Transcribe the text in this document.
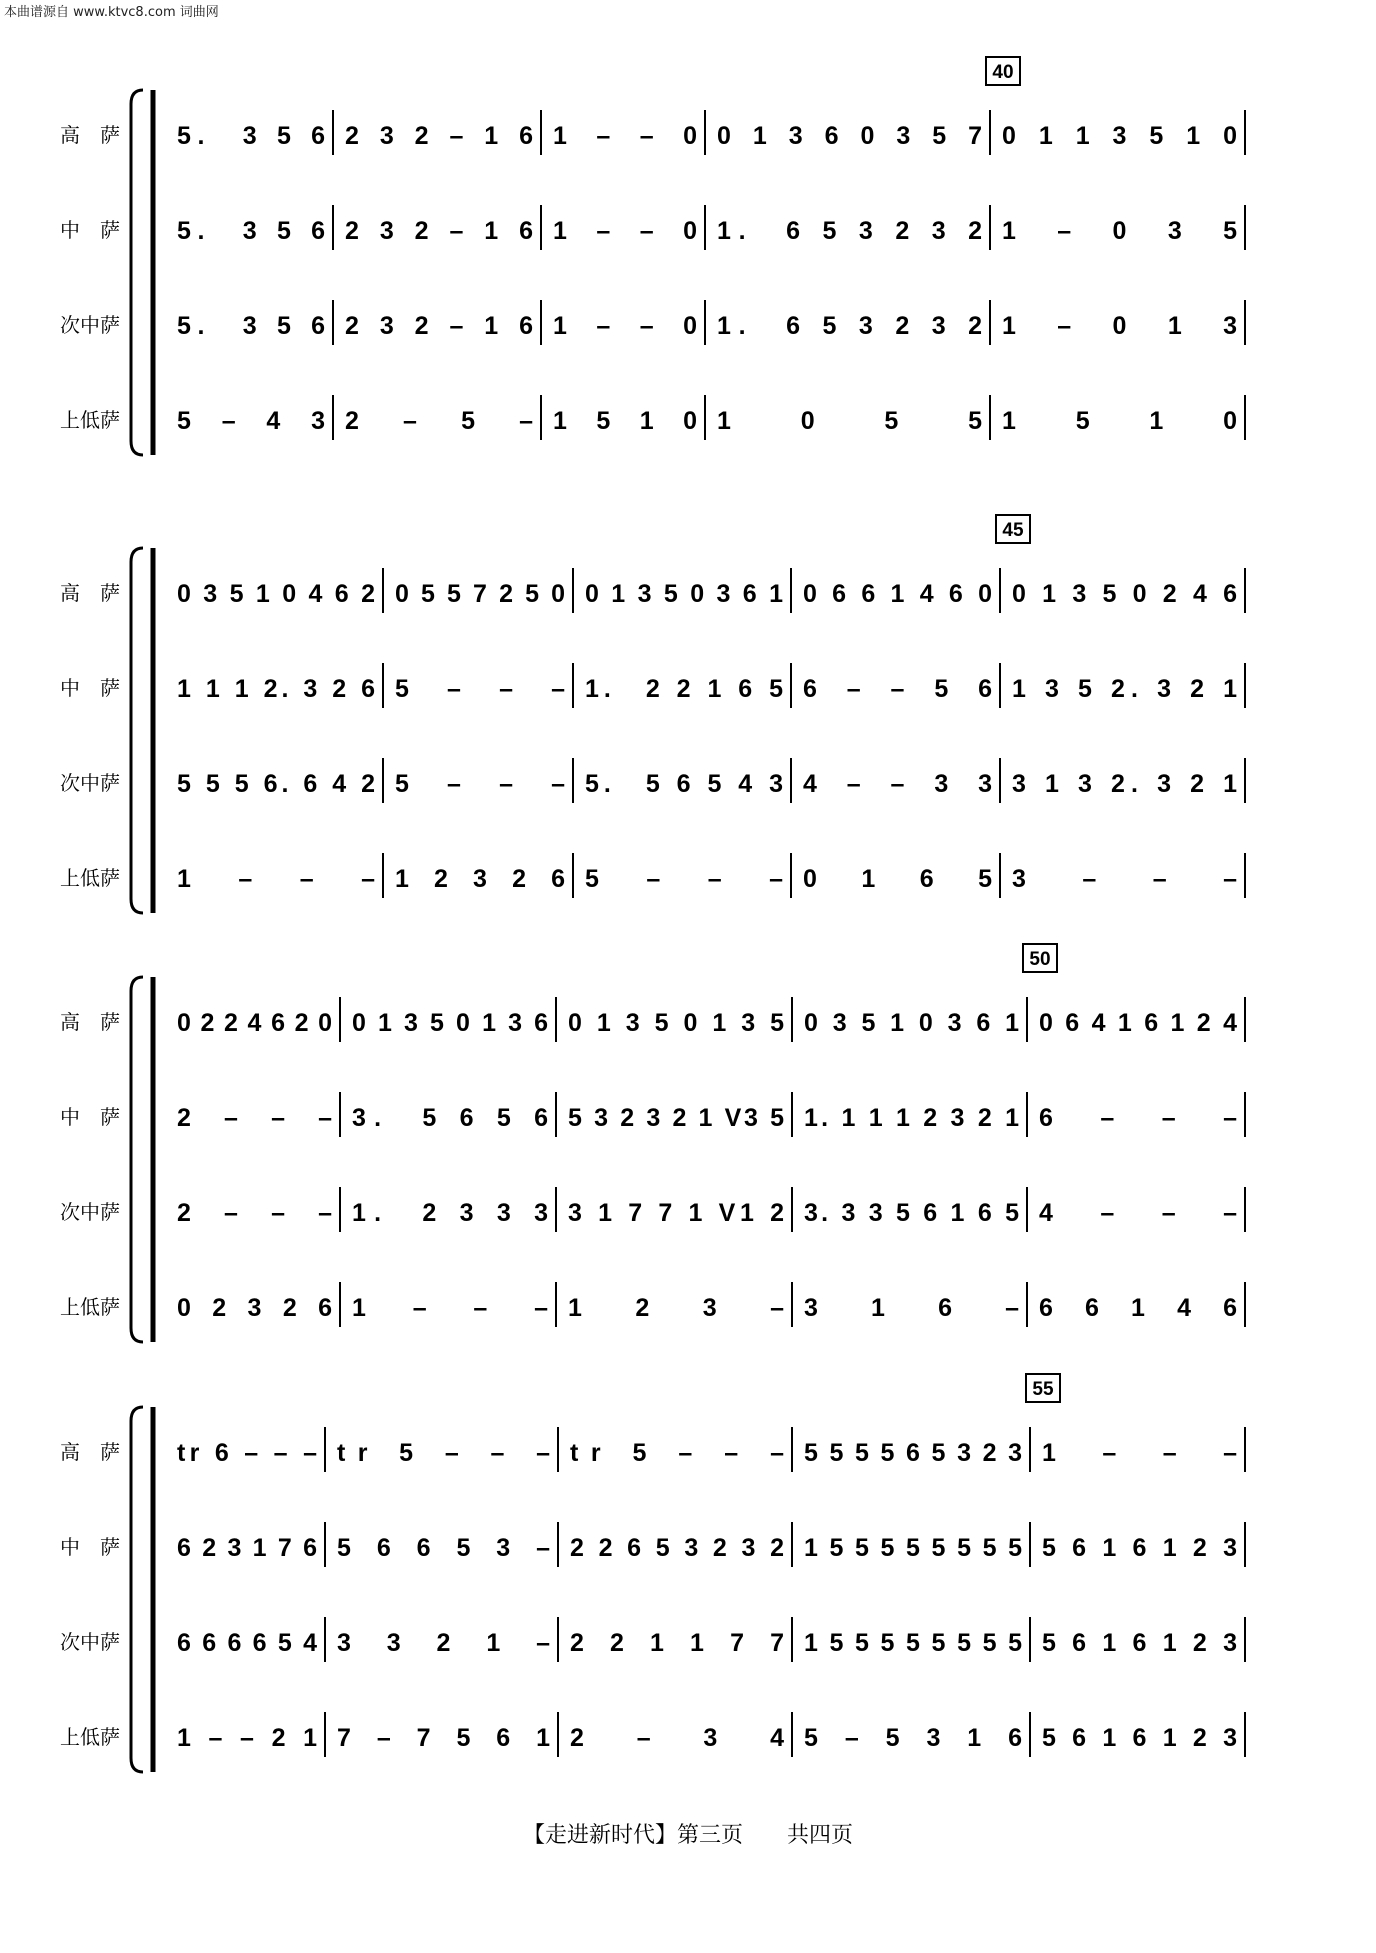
本曲谱源自 www.ktvc8.com 词曲网
40
高　萨 5.　3 5 6 2 3 2 – 1 6 1 – – 0 0 1 3 6 0 3 5 7 0 1 1 3 5 1 0
中　萨 5.　3 5 6 2 3 2 – 1 6 1 – – 0 1.　6 5 3 2 3 2 1 – 0 3 5
次中萨 5.　3 5 6 2 3 2 – 1 6 1 – – 0 1.　6 5 3 2 3 2 1 – 0 1 3
上低萨 5 – 4 3 2 – 5 – 1 5 1 0 1 0 5 5 1 5 1 0
45
高　萨 0 3 5 1 0 4 6 2 0 5 5 7 2 5 0 0 1 3 5 0 3 6 1 0 6 6 1 4 6 0 0 1 3 5 0 2 4 6
中　萨 1 1 1 2. 3 2 6 5 – – – 1.　2 2 1 6 5 6 – – 5 6 1 3 5 2. 3 2 1
次中萨 5 5 5 6. 6 4 2 5 – – – 5.　5 6 5 4 3 4 – – 3 3 3 1 3 2. 3 2 1
上低萨 1 – – – 1 2 3 2 6 5 – – – 0 1 6 5 3 – – –
50
高　萨 0 2 2 4 6 2 0 0 1 3 5 0 1 3 6 0 1 3 5 0 1 3 5 0 3 5 1 0 3 6 1 0 6 4 1 6 1 2 4
中　萨 2 – – – 3.　5 6 5 6 5 3 2 3 2 1 V3 5 1. 1 1 1 2 3 2 1 6 – – –
次中萨 2 – – – 1.　2 3 3 3 3 1 7 7 1 V1 2 3. 3 3 5 6 1 6 5 4 – – –
上低萨 0 2 3 2 6 1 – – – 1 2 3 – 3 1 6 – 6 6 1 4 6
55
高　萨 tr 6 – – – tr 5 – – – tr 5 – – – 5 5 5 5 6 5 3 2 3 1 – – –
中　萨 6 2 3 1 7 6 5 6 6 5 3 – 2 2 6 5 3 2 3 2 1 5 5 5 5 5 5 5 5 5 6 1 6 1 2 3
次中萨 6 6 6 6 5 4 3 3 2 1 – 2 2 1 1 7 7 1 5 5 5 5 5 5 5 5 5 6 1 6 1 2 3
上低萨 1 – – 2 1 7 – 7 5 6 1 2 – 3 4 5 – 5 3 1 6 5 6 1 6 1 2 3
【走进新时代】第三页　　共四页
